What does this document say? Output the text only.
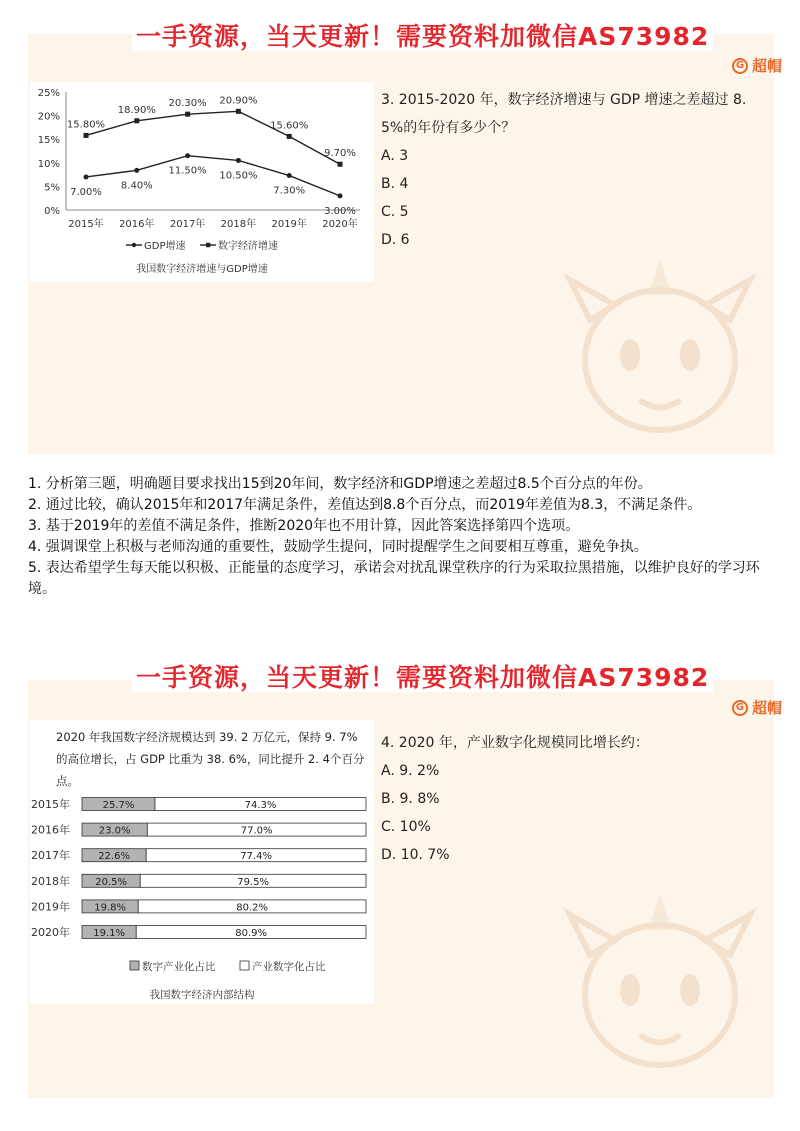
一手资源，当天更新！需要资料加微信AS73982
G 超帽
0%
5%
10%
15%
20%
25%
2015年 2016年 2017年 2018年 2019年 2020年
7.00%
8.40%
11.50% 10.50%
7.30%
3.00%
15.80%
18.90%
20.30% 20.90%
15.60%
9.70%
GDP增速	数字经济增速
我国数字经济增速与GDP增速

3. 2015-2020 年，数字经济增速与 GDP 增速之差超过 8. 5%的年份有多少个？

A. 3

B. 4

C. 5

D. 6

1. 分析第三题，明确题目要求找出15到20年间，数字经济和GDP增速之差超过8.5个百分点的年份。

2. 通过比较，确认2015年和2017年满足条件，差值达到8.8个百分点，而2019年差值为8.3，不满足条件。

3. 基于2019年的差值不满足条件，推断2020年也不用计算，因此答案选择第四个选项。

4. 强调课堂上积极与老师沟通的重要性，鼓励学生提问，同时提醒学生之间要相互尊重，避免争执。

5. 表达希望学生每天能以积极、正能量的态度学习，承诺会对扰乱课堂秩序的行为采取拉黑措施，以维护良好的学习环境。

一手资源，当天更新！需要资料加微信AS73982
G 超帽
2015年	25.7%	74.3%
2016年	23.0%	77.0%
2017年	22.6%	77.4%
2018年	20.5%	79.5%
2019年 19.8%	80.2%
2020年 19.1%	80.9%
数字产业化占比	产业数字化占比
我国数字经济内部结构

2020 年我国数字经济规模达到 39. 2 万亿元，保持 9. 7%的高位增长，占 GDP 比重为 38. 6%，同比提升 2. 4个百分点。

4. 2020 年，产业数字化规模同比增长约：

A. 9. 2%

B. 9. 8%

C. 10%

D. 10. 7%
